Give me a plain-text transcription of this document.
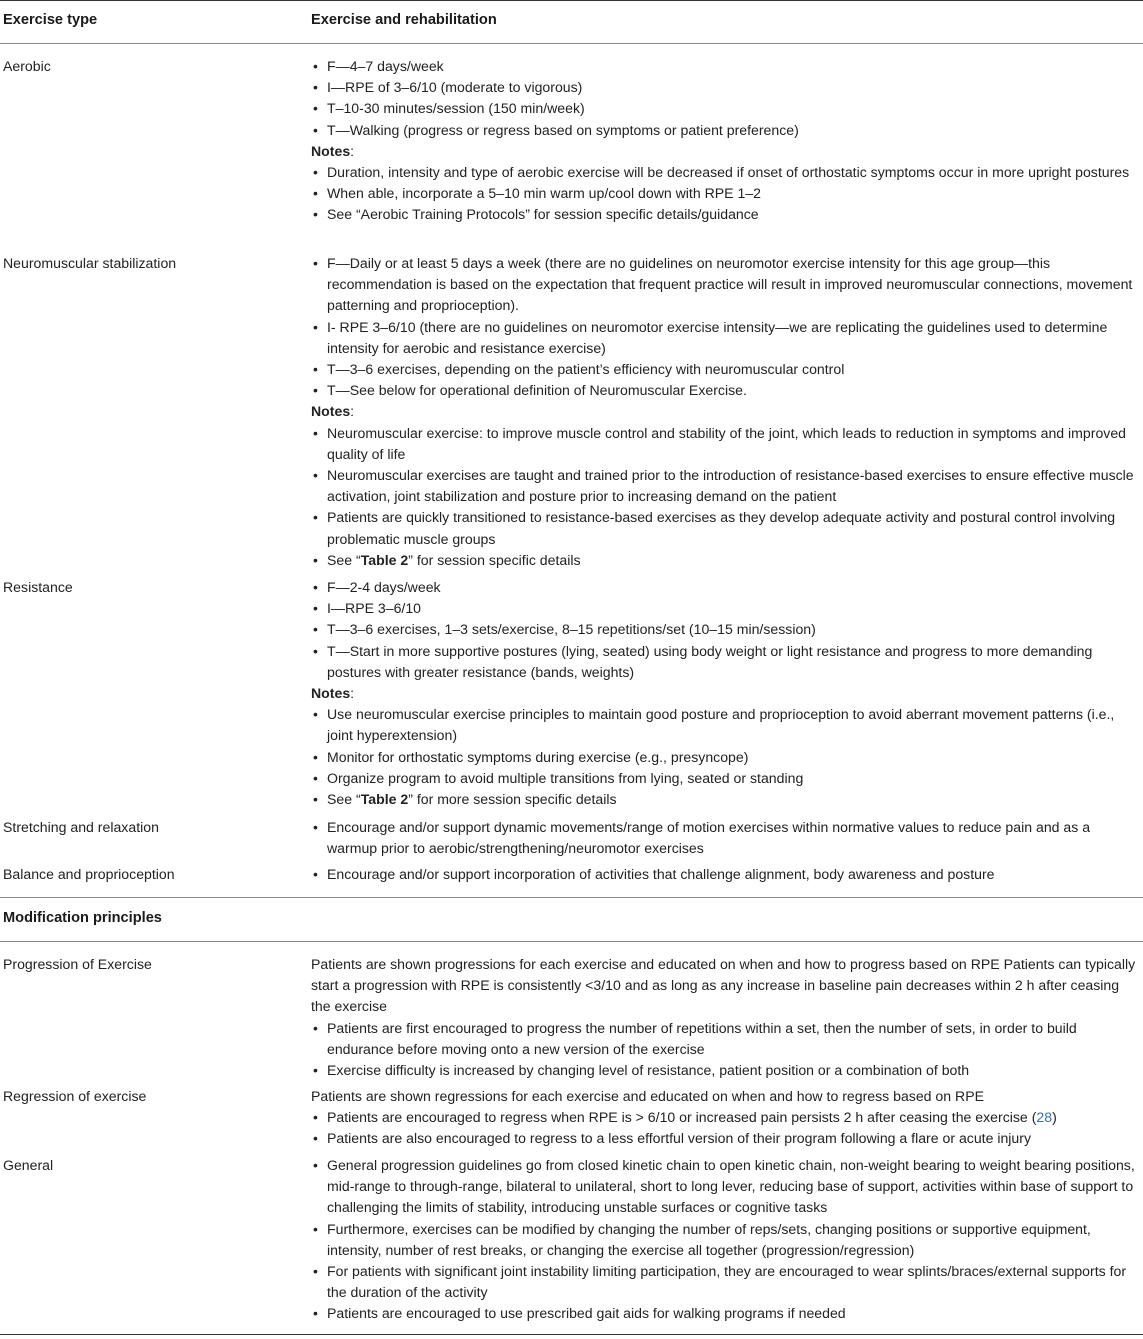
Exercise type	Exercise and rehabilitation
Aerobic	• F—4–7 days/week
• I—RPE of 3–6/10 (moderate to vigorous)
• T–10-30 minutes/session (150 min/week)
• T—Walking (progress or regress based on symptoms or patient preference)
Notes:
• Duration, intensity and type of aerobic exercise will be decreased if onset of orthostatic symptoms occur in more upright postures
• When able, incorporate a 5–10 min warm up/cool down with RPE 1–2
• See “Aerobic Training Protocols” for session specific details/guidance
Neuromuscular stabilization	• F—Daily or at least 5 days a week (there are no guidelines on neuromotor exercise intensity for this age group—this recommendation is based on the expectation that frequent practice will result in improved neuromuscular connections, movement patterning and proprioception).
• I- RPE 3–6/10 (there are no guidelines on neuromotor exercise intensity—we are replicating the guidelines used to determine intensity for aerobic and resistance exercise)
• T—3–6 exercises, depending on the patient’s efficiency with neuromuscular control
• T—See below for operational definition of Neuromuscular Exercise.
Notes:
• Neuromuscular exercise: to improve muscle control and stability of the joint, which leads to reduction in symptoms and improved quality of life
• Neuromuscular exercises are taught and trained prior to the introduction of resistance-based exercises to ensure effective muscle activation, joint stabilization and posture prior to increasing demand on the patient
• Patients are quickly transitioned to resistance-based exercises as they develop adequate activity and postural control involving problematic muscle groups
• See “Table 2” for session specific details
Resistance	• F—2-4 days/week
• I—RPE 3–6/10
• T—3–6 exercises, 1–3 sets/exercise, 8–15 repetitions/set (10–15 min/session)
• T—Start in more supportive postures (lying, seated) using body weight or light resistance and progress to more demanding postures with greater resistance (bands, weights)
Notes:
• Use neuromuscular exercise principles to maintain good posture and proprioception to avoid aberrant movement patterns (i.e., joint hyperextension)
• Monitor for orthostatic symptoms during exercise (e.g., presyncope)
• Organize program to avoid multiple transitions from lying, seated or standing
• See “Table 2” for more session specific details
Stretching and relaxation	• Encourage and/or support dynamic movements/range of motion exercises within normative values to reduce pain and as a warmup prior to aerobic/strengthening/neuromotor exercises
Balance and proprioception	• Encourage and/or support incorporation of activities that challenge alignment, body awareness and posture
Modification principles
Progression of Exercise	Patients are shown progressions for each exercise and educated on when and how to progress based on RPE Patients can typically start a progression with RPE is consistently <3/10 and as long as any increase in baseline pain decreases within 2 h after ceasing the exercise

• Patients are first encouraged to progress the number of repetitions within a set, then the number of sets, in order to build endurance before moving onto a new version of the exercise
• Exercise difficulty is increased by changing level of resistance, patient position or a combination of both
Regression of exercise	Patients are shown regressions for each exercise and educated on when and how to regress based on RPE

• Patients are encouraged to regress when RPE is > 6/10 or increased pain persists 2 h after ceasing the exercise (28)
• Patients are also encouraged to regress to a less effortful version of their program following a flare or acute injury
General	• General progression guidelines go from closed kinetic chain to open kinetic chain, non-weight bearing to weight bearing positions, mid-range to through-range, bilateral to unilateral, short to long lever, reducing base of support, activities within base of support to challenging the limits of stability, introducing unstable surfaces or cognitive tasks
• Furthermore, exercises can be modified by changing the number of reps/sets, changing positions or supportive equipment, intensity, number of rest breaks, or changing the exercise all together (progression/regression)
• For patients with significant joint instability limiting participation, they are encouraged to wear splints/braces/external supports for the duration of the activity
• Patients are encouraged to use prescribed gait aids for walking programs if needed
